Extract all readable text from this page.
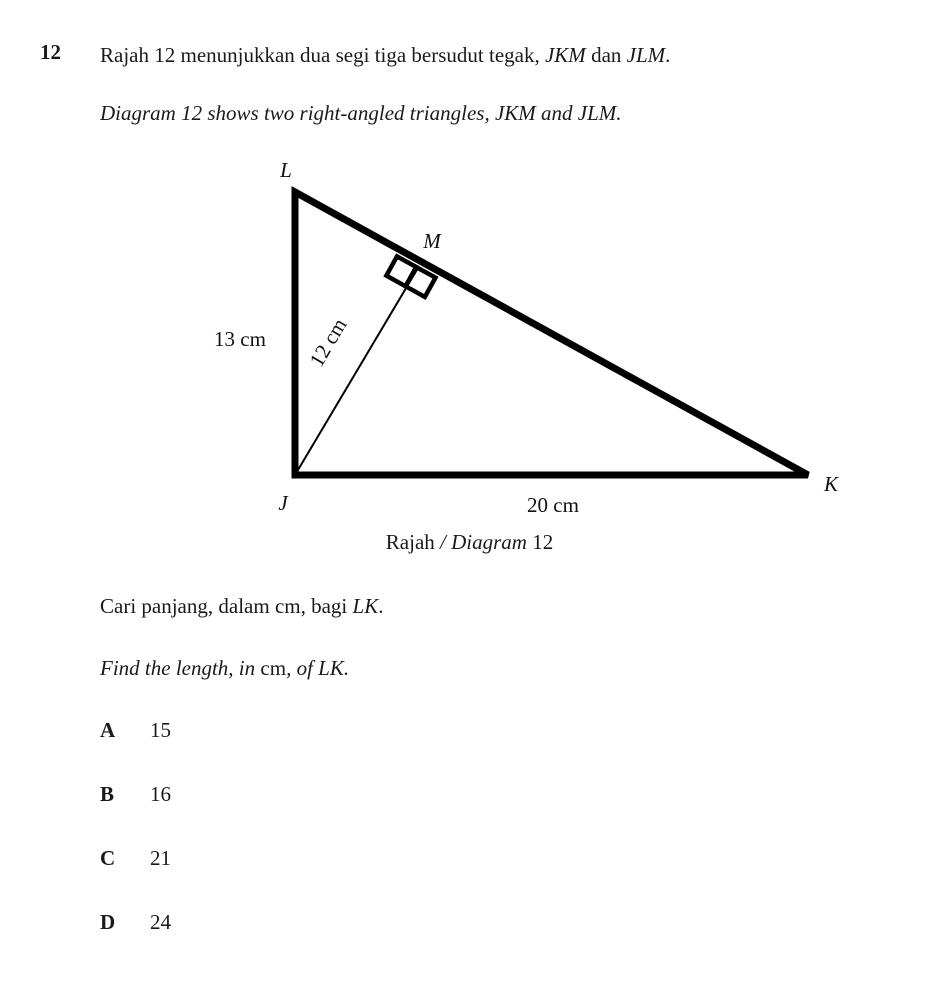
12 Rajah 12 menunjukkan dua segi tiga bersudut tegak, JKM dan JLM.
Diagram 12 shows two right-angled triangles, JKM and JLM.
L
J
K
M
13 cm 12 cm
20 cm
Rajah / Diagram 12
Cari panjang, dalam cm, bagi LK.
Find the length, in cm, of LK.
A 15
B 16
C 21
D 24
